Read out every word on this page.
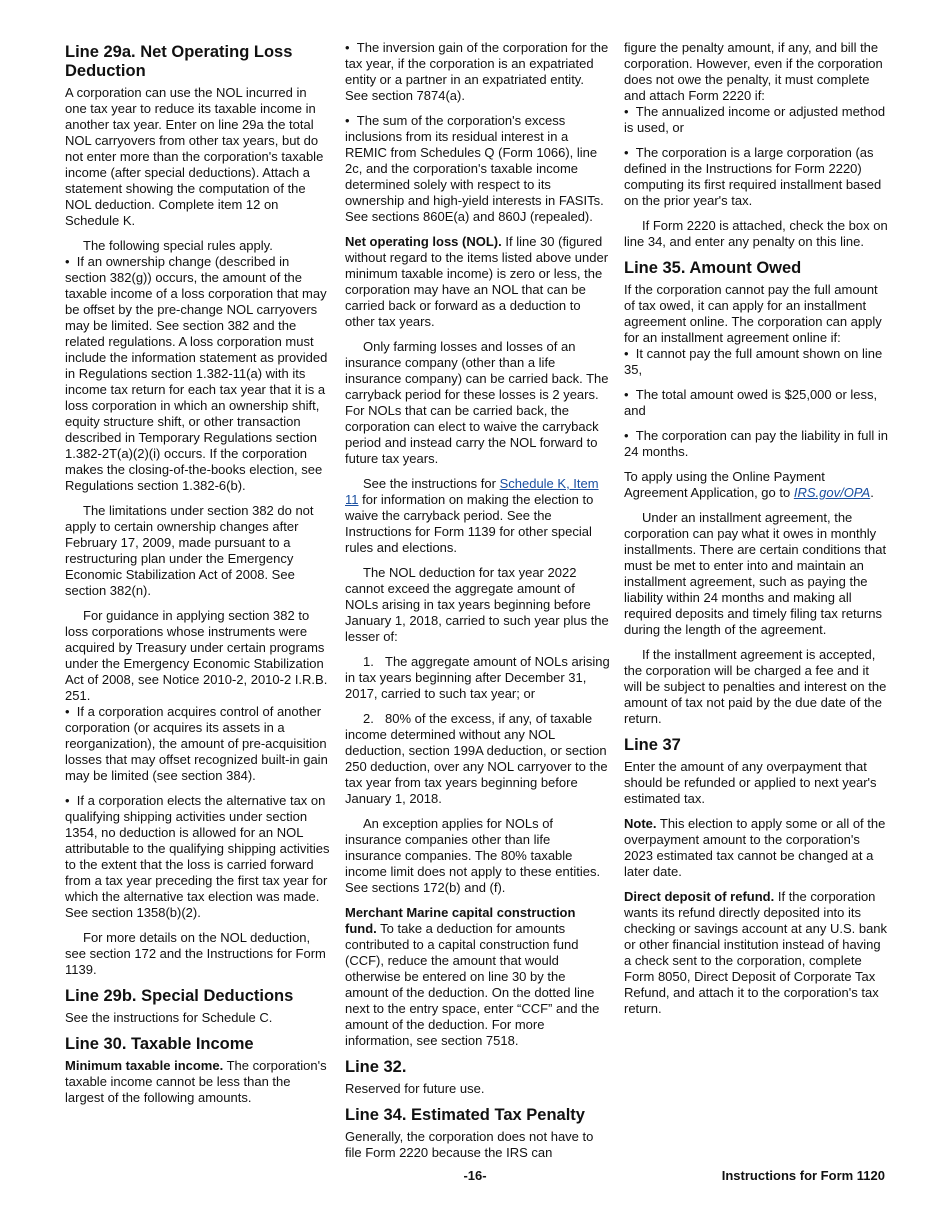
Line 29a. Net Operating Loss Deduction

A corporation can use the NOL incurred in one tax year to reduce its taxable income in another tax year. Enter on line 29a the total NOL carryovers from other tax years, but do not enter more than the corporation's taxable income (after special deductions). Attach a statement showing the computation of the NOL deduction. Complete item 12 on Schedule K.

The following special rules apply.

•  If an ownership change (described in section 382(g)) occurs, the amount of the taxable income of a loss corporation that may be offset by the pre-change NOL carryovers may be limited. See section 382 and the related regulations. A loss corporation must include the information statement as provided in Regulations section 1.382-11(a) with its income tax return for each tax year that it is a loss corporation in which an ownership shift, equity structure shift, or other transaction described in Temporary Regulations section 1.382-2T(a)(2)(i) occurs. If the corporation makes the closing-of-the-books election, see Regulations section 1.382-6(b).

The limitations under section 382 do not apply to certain ownership changes after February 17, 2009, made pursuant to a restructuring plan under the Emergency Economic Stabilization Act of 2008. See section 382(n).

For guidance in applying section 382 to loss corporations whose instruments were acquired by Treasury under certain programs under the Emergency Economic Stabilization Act of 2008, see Notice 2010-2, 2010-2 I.R.B. 251.

•  If a corporation acquires control of another corporation (or acquires its assets in a reorganization), the amount of pre-acquisition losses that may offset recognized built-in gain may be limited (see section 384).

•  If a corporation elects the alternative tax on qualifying shipping activities under section 1354, no deduction is allowed for an NOL attributable to the qualifying shipping activities to the extent that the loss is carried forward from a tax year preceding the first tax year for which the alternative tax election was made. See section 1358(b)(2).

For more details on the NOL deduction, see section 172 and the Instructions for Form 1139.

Line 29b. Special Deductions

See the instructions for Schedule C.

Line 30. Taxable Income

Minimum taxable income. The corporation's taxable income cannot be less than the largest of the following amounts.

•  The inversion gain of the corporation for the tax year, if the corporation is an expatriated entity or a partner in an expatriated entity. See section 7874(a).

•  The sum of the corporation's excess inclusions from its residual interest in a REMIC from Schedules Q (Form 1066), line 2c, and the corporation's taxable income determined solely with respect to its ownership and high-yield interests in FASITs. See sections 860E(a) and 860J (repealed).

Net operating loss (NOL). If line 30 (figured without regard to the items listed above under minimum taxable income) is zero or less, the corporation may have an NOL that can be carried back or forward as a deduction to other tax years.

Only farming losses and losses of an insurance company (other than a life insurance company) can be carried back. The carryback period for these losses is 2 years. For NOLs that can be carried back, the corporation can elect to waive the carryback period and instead carry the NOL forward to future tax years.

See the instructions for Schedule K, Item 11 for information on making the election to waive the carryback period. See the Instructions for Form 1139 for other special rules and elections.

The NOL deduction for tax year 2022 cannot exceed the aggregate amount of NOLs arising in tax years beginning before January 1, 2018, carried to such year plus the lesser of:

1. The aggregate amount of NOLs arising in tax years beginning after December 31, 2017, carried to such tax year; or

2. 80% of the excess, if any, of taxable income determined without any NOL deduction, section 199A deduction, or section 250 deduction, over any NOL carryover to the tax year from tax years beginning before January 1, 2018.

An exception applies for NOLs of insurance companies other than life insurance companies. The 80% taxable income limit does not apply to these entities. See sections 172(b) and (f).

Merchant Marine capital construction fund. To take a deduction for amounts contributed to a capital construction fund (CCF), reduce the amount that would otherwise be entered on line 30 by the amount of the deduction. On the dotted line next to the entry space, enter “CCF” and the amount of the deduction. For more information, see section 7518.

Line 32.

Reserved for future use.

Line 34. Estimated Tax Penalty

Generally, the corporation does not have to file Form 2220 because the IRS can

figure the penalty amount, if any, and bill the corporation. However, even if the corporation does not owe the penalty, it must complete and attach Form 2220 if:

•  The annualized income or adjusted method is used, or

•  The corporation is a large corporation (as defined in the Instructions for Form 2220) computing its first required installment based on the prior year's tax.

If Form 2220 is attached, check the box on line 34, and enter any penalty on this line.

Line 35. Amount Owed

If the corporation cannot pay the full amount of tax owed, it can apply for an installment agreement online. The corporation can apply for an installment agreement online if:

•  It cannot pay the full amount shown on line 35,

•  The total amount owed is $25,000 or less, and

•  The corporation can pay the liability in full in 24 months.

To apply using the Online Payment Agreement Application, go to IRS.gov/OPA.

Under an installment agreement, the corporation can pay what it owes in monthly installments. There are certain conditions that must be met to enter into and maintain an installment agreement, such as paying the liability within 24 months and making all required deposits and timely filing tax returns during the length of the agreement.

If the installment agreement is accepted, the corporation will be charged a fee and it will be subject to penalties and interest on the amount of tax not paid by the due date of the return.

Line 37

Enter the amount of any overpayment that should be refunded or applied to next year's estimated tax.

Note. This election to apply some or all of the overpayment amount to the corporation's 2023 estimated tax cannot be changed at a later date.

Direct deposit of refund. If the corporation wants its refund directly deposited into its checking or savings account at any U.S. bank or other financial institution instead of having a check sent to the corporation, complete Form 8050, Direct Deposit of Corporate Tax Refund, and attach it to the corporation's tax return.

-16-	Instructions for Form 1120
